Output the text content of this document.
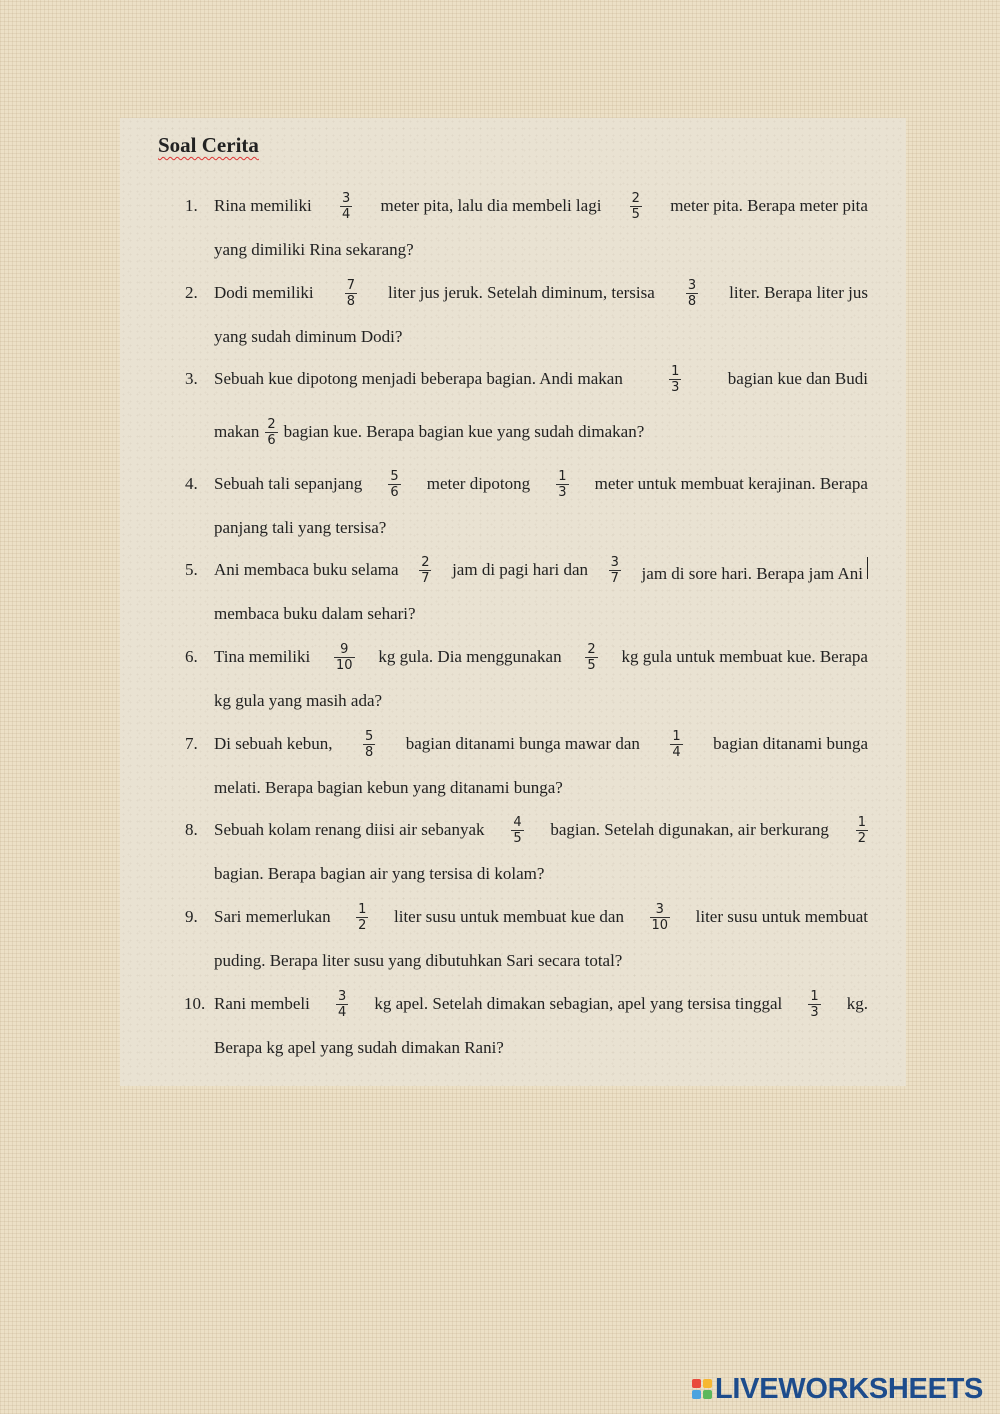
Soal Cerita
1. Rina memiliki $\frac{3}{4}$ meter pita, lalu dia membeli lagi $\frac{2}{5}$ meter pita. Berapa meter pita
yang dimiliki Rina sekarang?
2. Dodi memiliki $\frac{7}{8}$ liter jus jeruk. Setelah diminum, tersisa $\frac{3}{8}$ liter. Berapa liter jus
yang sudah diminum Dodi?
3. Sebuah kue dipotong menjadi beberapa bagian. Andi makan	$\frac{1}{3}$	bagian kue dan Budi
makan $\frac{2}{6}$ bagian kue. Berapa bagian kue yang sudah dimakan?
4. Sebuah tali sepanjang $\frac{5}{6}$ meter dipotong $\frac{1}{3}$ meter untuk membuat kerajinan. Berapa
panjang tali yang tersisa?
5. Ani membaca buku selama $\frac{2}{7}$ jam di pagi hari dan $\frac{3}{7}$ jam di sore hari. Berapa jam Ani
membaca buku dalam sehari?
6. Tina memiliki $\frac{9}{10}$ kg gula. Dia menggunakan $\frac{2}{5}$ kg gula untuk membuat kue. Berapa
kg gula yang masih ada?
7. Di sebuah kebun, $\frac{5}{8}$ bagian ditanami bunga mawar dan $\frac{1}{4}$ bagian ditanami bunga
melati. Berapa bagian kebun yang ditanami bunga?
8. Sebuah kolam renang diisi air sebanyak $\frac{4}{5}$ bagian. Setelah digunakan, air berkurang $\frac{1}{2}$
bagian. Berapa bagian air yang tersisa di kolam?
9. Sari memerlukan $\frac{1}{2}$ liter susu untuk membuat kue dan $\frac{3}{10}$ liter susu untuk membuat
puding. Berapa liter susu yang dibutuhkan Sari secara total?
10. Rani membeli $\frac{3}{4}$ kg apel. Setelah dimakan sebagian, apel yang tersisa tinggal $\frac{1}{3}$ kg.
Berapa kg apel yang sudah dimakan Rani?
LIVEWORKSHEETS
